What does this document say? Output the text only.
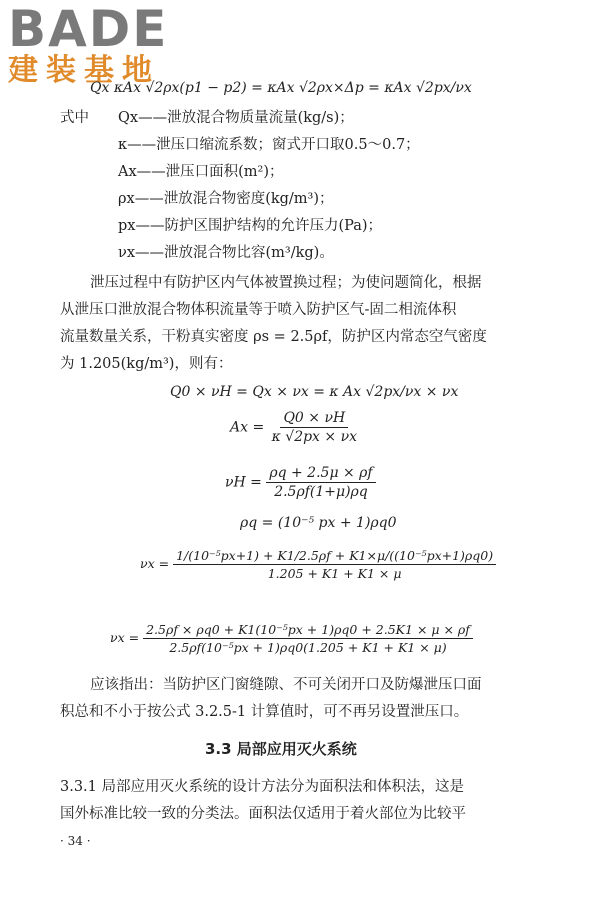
BADE
建装基地
Qx κAx √2ρx(p1 − p2) = κAx √2ρx×Δp = κAx √2px/νx
式中 Qx——泄放混合物质量流量(kg/s)；
κ——泄压口缩流系数；窗式开口取0.5～0.7；
Ax——泄压口面积(m²)；
ρx——泄放混合物密度(kg/m³)；
px——防护区围护结构的允许压力(Pa)；
νx——泄放混合物比容(m³/kg)。
泄压过程中有防护区内气体被置换过程；为使问题简化，根据
从泄压口泄放混合物体积流量等于喷入防护区气-固二相流体积
流量数量关系，干粉真实密度 ρs = 2.5ρf，防护区内常态空气密度
为 1.205(kg/m³)，则有：
Q0 × νH = Qx × νx = κ Ax √2px/νx × νx
$Ax = \frac{Q0 \times \nu H}{\kappa √2px \times \nu x}$
$\nu H = \frac{\rho q + 2.5\mu \times \rho f}{2.5\rho f(1+\mu)\rho q}$
ρq = (10⁻⁵ px + 1)ρq0
$\nu x = \frac{\text{1/(10⁻⁵px+1) + K1/2.5ρf + K1×μ/((10⁻⁵px+1)ρq0)}}{1.205 + K1 + K1 \times \mu}$
$\nu x = \frac{\text{2.5ρf × ρq0 + K1(10⁻⁵px + 1)ρq0 + 2.5K1 × μ × ρf}}{\text{2.5ρf(10⁻⁵px + 1)ρq0(1.205 + K1 + K1 × μ)}}$
应该指出：当防护区门窗缝隙、不可关闭开口及防爆泄压口面
积总和不小于按公式 3.2.5-1 计算值时，可不再另设置泄压口。
3.3 局部应用灭火系统
3.3.1 局部应用灭火系统的设计方法分为面积法和体积法，这是
国外标准比较一致的分类法。面积法仅适用于着火部位为比较平
· 34 ·
